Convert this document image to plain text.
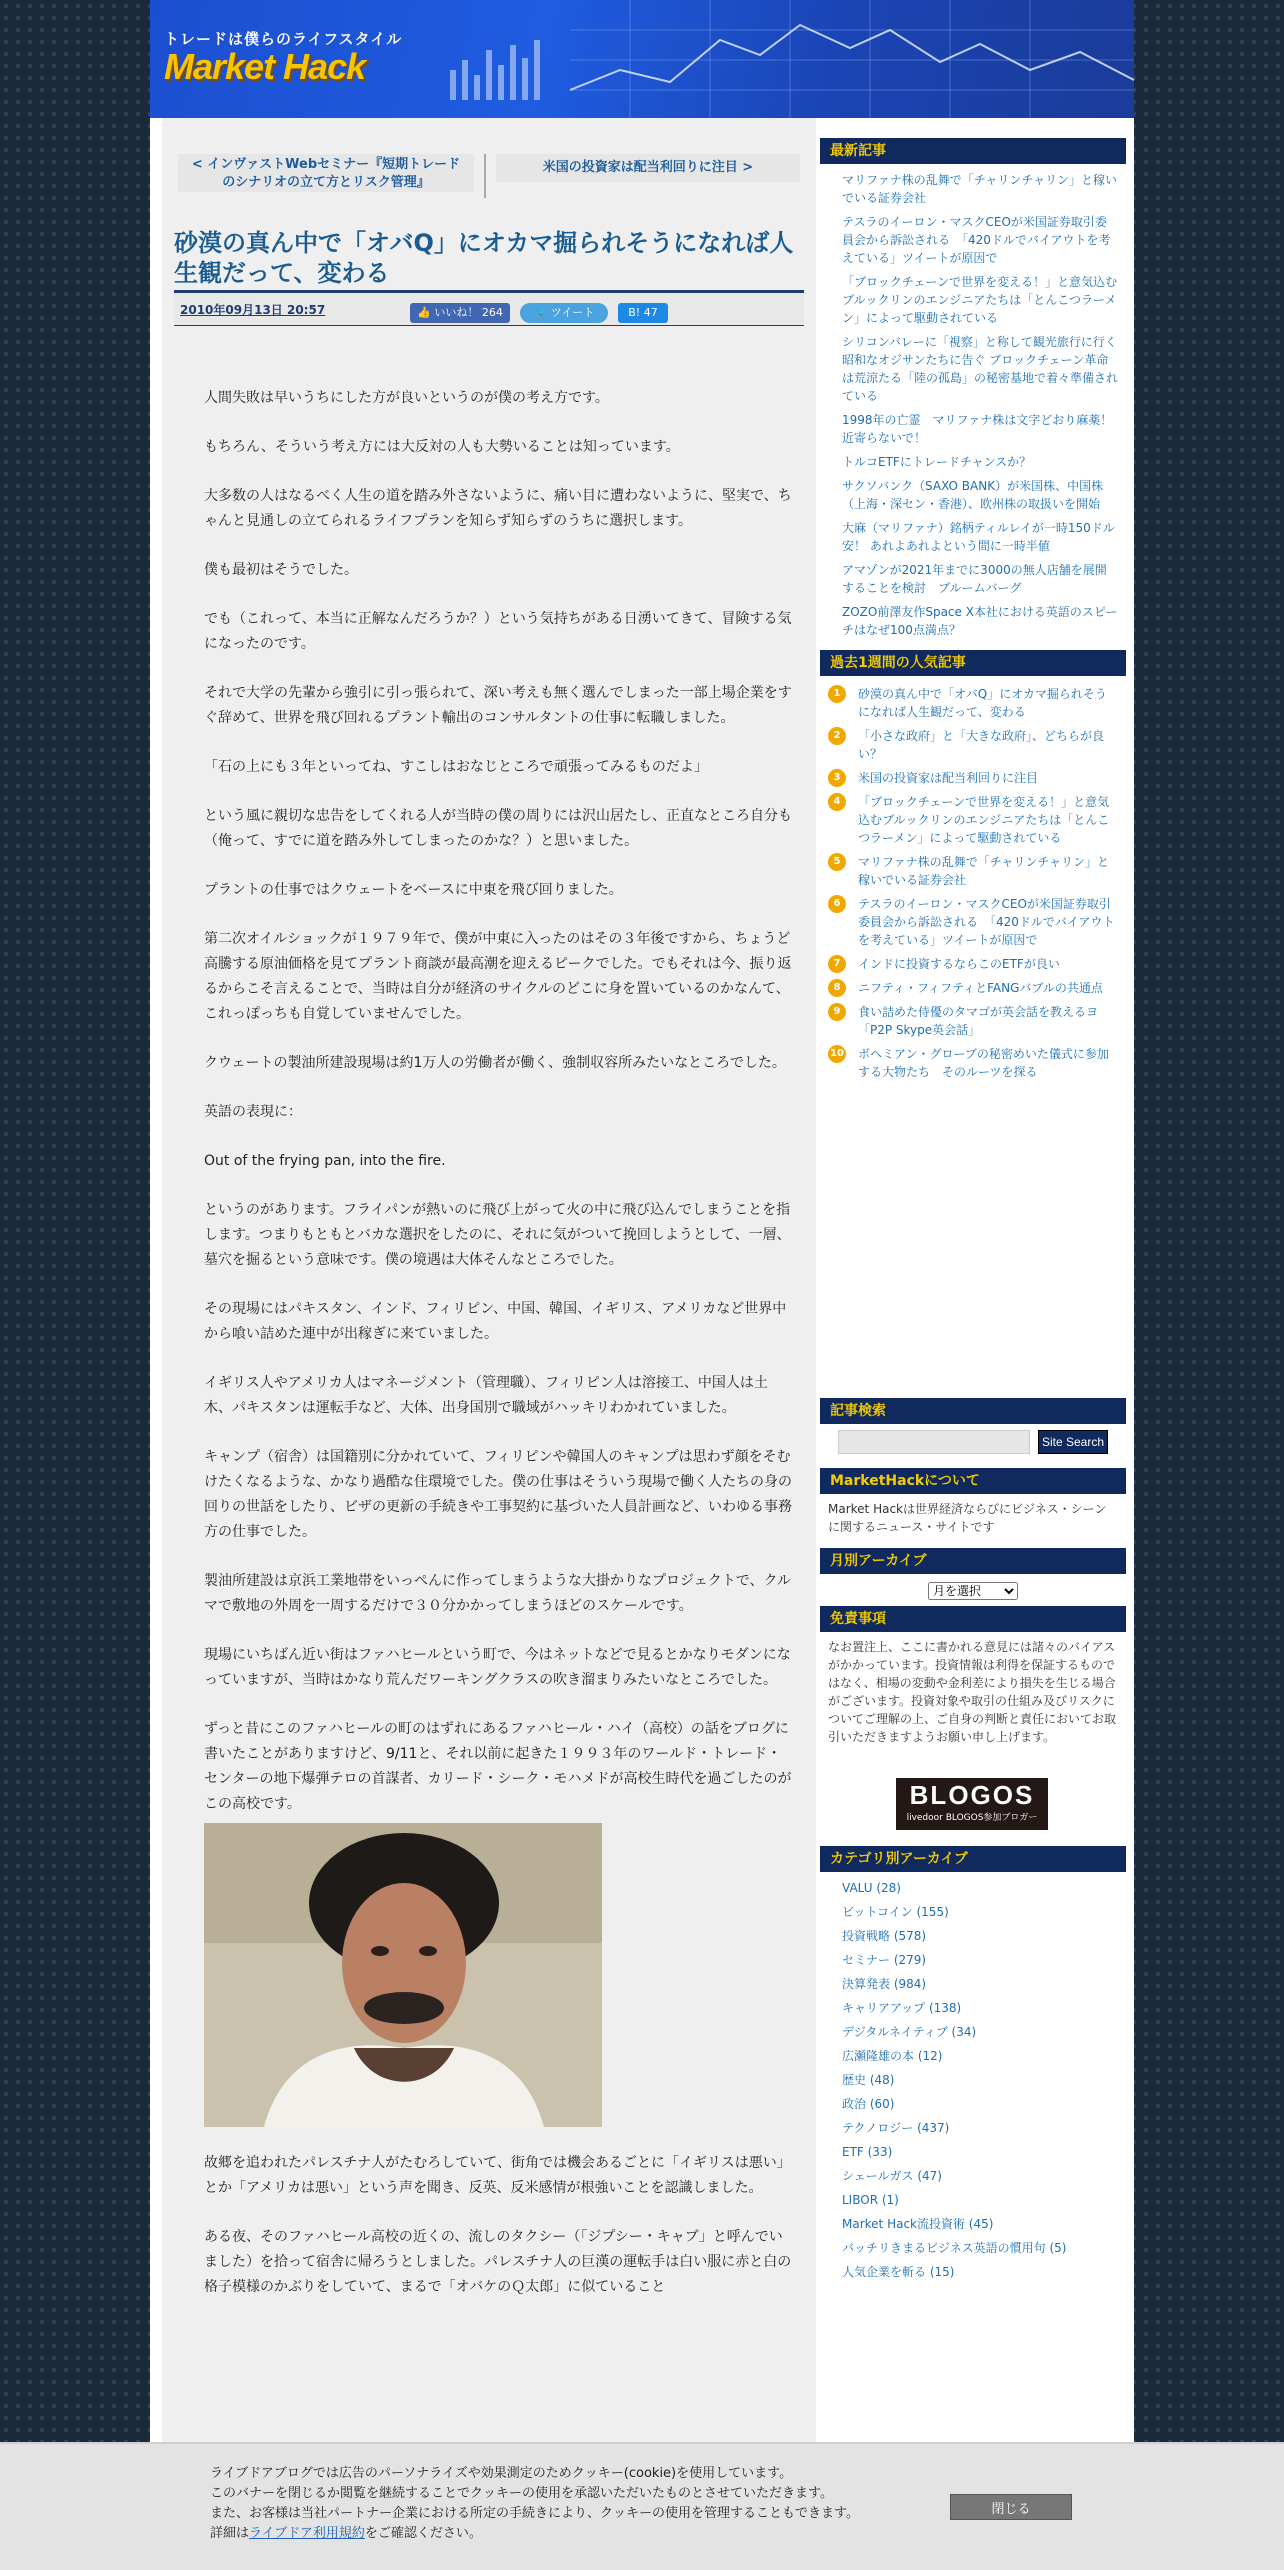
トレードは僕らのライフスタイル
Market Hack
< インヴァストWebセミナー『短期トレードのシナリオの立て方とリスク管理』
米国の投資家は配当利回りに注目 >
砂漠の真ん中で「オバQ」にオカマ掘られそうになれば人生観だって、変わる
2010年09月13日 20:57	👍 いいね！ 264	🐦 ツイート	B! 47

人間失敗は早いうちにした方が良いというのが僕の考え方です。

もちろん、そういう考え方には大反対の人も大勢いることは知っています。

大多数の人はなるべく人生の道を踏み外さないように、痛い目に遭わないように、堅実で、ちゃんと見通しの立てられるライフプランを知らず知らずのうちに選択します。

僕も最初はそうでした。

でも（これって、本当に正解なんだろうか？）という気持ちがある日湧いてきて、冒険する気になったのです。

それで大学の先輩から強引に引っ張られて、深い考えも無く選んでしまった一部上場企業をすぐ辞めて、世界を飛び回れるプラント輸出のコンサルタントの仕事に転職しました。

「石の上にも３年といってね、すこしはおなじところで頑張ってみるものだよ」

という風に親切な忠告をしてくれる人が当時の僕の周りには沢山居たし、正直なところ自分も（俺って、すでに道を踏み外してしまったのかな？）と思いました。

プラントの仕事ではクウェートをベースに中東を飛び回りました。

第二次オイルショックが１９７９年で、僕が中東に入ったのはその３年後ですから、ちょうど高騰する原油価格を見てプラント商談が最高潮を迎えるピークでした。でもそれは今、振り返るからこそ言えることで、当時は自分が経済のサイクルのどこに身を置いているのかなんて、これっぽっちも自覚していませんでした。

クウェートの製油所建設現場は約1万人の労働者が働く、強制収容所みたいなところでした。

英語の表現に：

Out of the frying pan, into the fire.

というのがあります。フライパンが熱いのに飛び上がって火の中に飛び込んでしまうことを指します。つまりもともとバカな選択をしたのに、それに気がついて挽回しようとして、一層、墓穴を掘るという意味です。僕の境遇は大体そんなところでした。

その現場にはパキスタン、インド、フィリピン、中国、韓国、イギリス、アメリカなど世界中から喰い詰めた連中が出稼ぎに来ていました。

イギリス人やアメリカ人はマネージメント（管理職）、フィリピン人は溶接工、中国人は土木、パキスタンは運転手など、大体、出身国別で職域がハッキリわかれていました。

キャンプ（宿舎）は国籍別に分かれていて、フィリピンや韓国人のキャンプは思わず顔をそむけたくなるような、かなり過酷な住環境でした。僕の仕事はそういう現場で働く人たちの身の回りの世話をしたり、ビザの更新の手続きや工事契約に基づいた人員計画など、いわゆる事務方の仕事でした。

製油所建設は京浜工業地帯をいっぺんに作ってしまうような大掛かりなプロジェクトで、クルマで敷地の外周を一周するだけで３０分かかってしまうほどのスケールです。

現場にいちばん近い街はファハヒールという町で、今はネットなどで見るとかなりモダンになっていますが、当時はかなり荒んだワーキングクラスの吹き溜まりみたいなところでした。

ずっと昔にこのファハヒールの町のはずれにあるファハヒール・ハイ（高校）の話をブログに書いたことがありますけど、9/11と、それ以前に起きた１９９３年のワールド・トレード・センターの地下爆弾テロの首謀者、カリード・シーク・モハメドが高校生時代を過ごしたのがこの高校です。

故郷を追われたパレスチナ人がたむろしていて、街角では機会あるごとに「イギリスは悪い」とか「アメリカは悪い」という声を聞き、反英、反米感情が根強いことを認識しました。

ある夜、そのファハヒール高校の近くの、流しのタクシー（「ジプシー・キャブ」と呼んでいました）を拾って宿舎に帰ろうとしました。パレスチナ人の巨漢の運転手は白い服に赤と白の格子模様のかぶりをしていて、まるで「オバケのＱ太郎」に似ていること

最新記事
マリファナ株の乱舞で「チャリンチャリン」と稼いでいる証券会社
テスラのイーロン・マスクCEOが米国証券取引委員会から訴訟される　「420ドルでバイアウトを考えている」ツイートが原因で
「ブロックチェーンで世界を変える！」と意気込むブルックリンのエンジニアたちは「とんこつラーメン」によって駆動されている
シリコンバレーに「視察」と称して観光旅行に行く昭和なオジサンたちに告ぐ ブロックチェーン革命は荒涼たる「陸の孤島」の秘密基地で着々準備されている
1998年の亡霊　マリファナ株は文字どおり麻薬！　近寄らないで！
トルコETFにトレードチャンスか？
サクソバンク（SAXO BANK）が米国株、中国株（上海・深セン・香港）、欧州株の取扱いを開始
大麻（マリファナ）銘柄ティルレイが一時150ドル安！ あれよあれよという間に一時半値
アマゾンが2021年までに3000の無人店舗を展開することを検討　ブルームバーグ
ZOZO前澤友作Space X本社における英語のスピーチはなぜ100点満点？
過去1週間の人気記事
1	砂漠の真ん中で「オバQ」にオカマ掘られそうになれば人生観だって、変わる
2	「小さな政府」と「大きな政府」、どちらが良い？
3	米国の投資家は配当利回りに注目
4	「ブロックチェーンで世界を変える！」と意気込むブルックリンのエンジニアたちは「とんこつラーメン」によって駆動されている
5	マリファナ株の乱舞で「チャリンチャリン」と稼いでいる証券会社
6	テスラのイーロン・マスクCEOが米国証券取引委員会から訴訟される　「420ドルでバイアウトを考えている」ツイートが原因で
7	インドに投資するならこのETFが良い
8	ニフティ・フィフティとFANGバブルの共通点
9	食い詰めた侍優のタマゴが英会話を教えるヨ　「P2P Skype英会話」
10 ボヘミアン・グローブの秘密めいた儀式に参加する大物たち　そのルーツを探る
記事検索
Site Search
MarketHackについて
Market Hackは世界経済ならびにビジネス・シーンに関するニュース・サイトです
月別アーカイブ
月を選択
免責事項
なお置注上、ここに書かれる意見には諸々のバイアスがかかっています。投資情報は利得を保証するものではなく、相場の変動や金利差により損失を生じる場合がございます。投資対象や取引の仕組み及びリスクについてご理解の上、ご自身の判断と責任においてお取引いただきますようお願い申し上げます。
BLOGOS
livedoor BLOGOS参加ブロガー
カテゴリ別アーカイブ
VALU (28)
ビットコイン (155)
投資戦略 (578)
セミナー (279)
決算発表 (984)
キャリアアップ (138)
デジタルネイティブ (34)
広瀬隆雄の本 (12)
歴史 (48)
政治 (60)
テクノロジー (437)
ETF (33)
シェールガス (47)
LIBOR (1)
Market Hack流投資術 (45)
バッチリきまるビジネス英語の慣用句 (5)
人気企業を斬る (15)
ライブドアブログでは広告のパーソナライズや効果測定のためクッキー(cookie)を使用しています。
このバナーを閉じるか閲覧を継続することでクッキーの使用を承認いただいたものとさせていただきます。
また、お客様は当社パートナー企業における所定の手続きにより、クッキーの使用を管理することもできます。
詳細はライブドア利用規約をご確認ください。
閉じる
